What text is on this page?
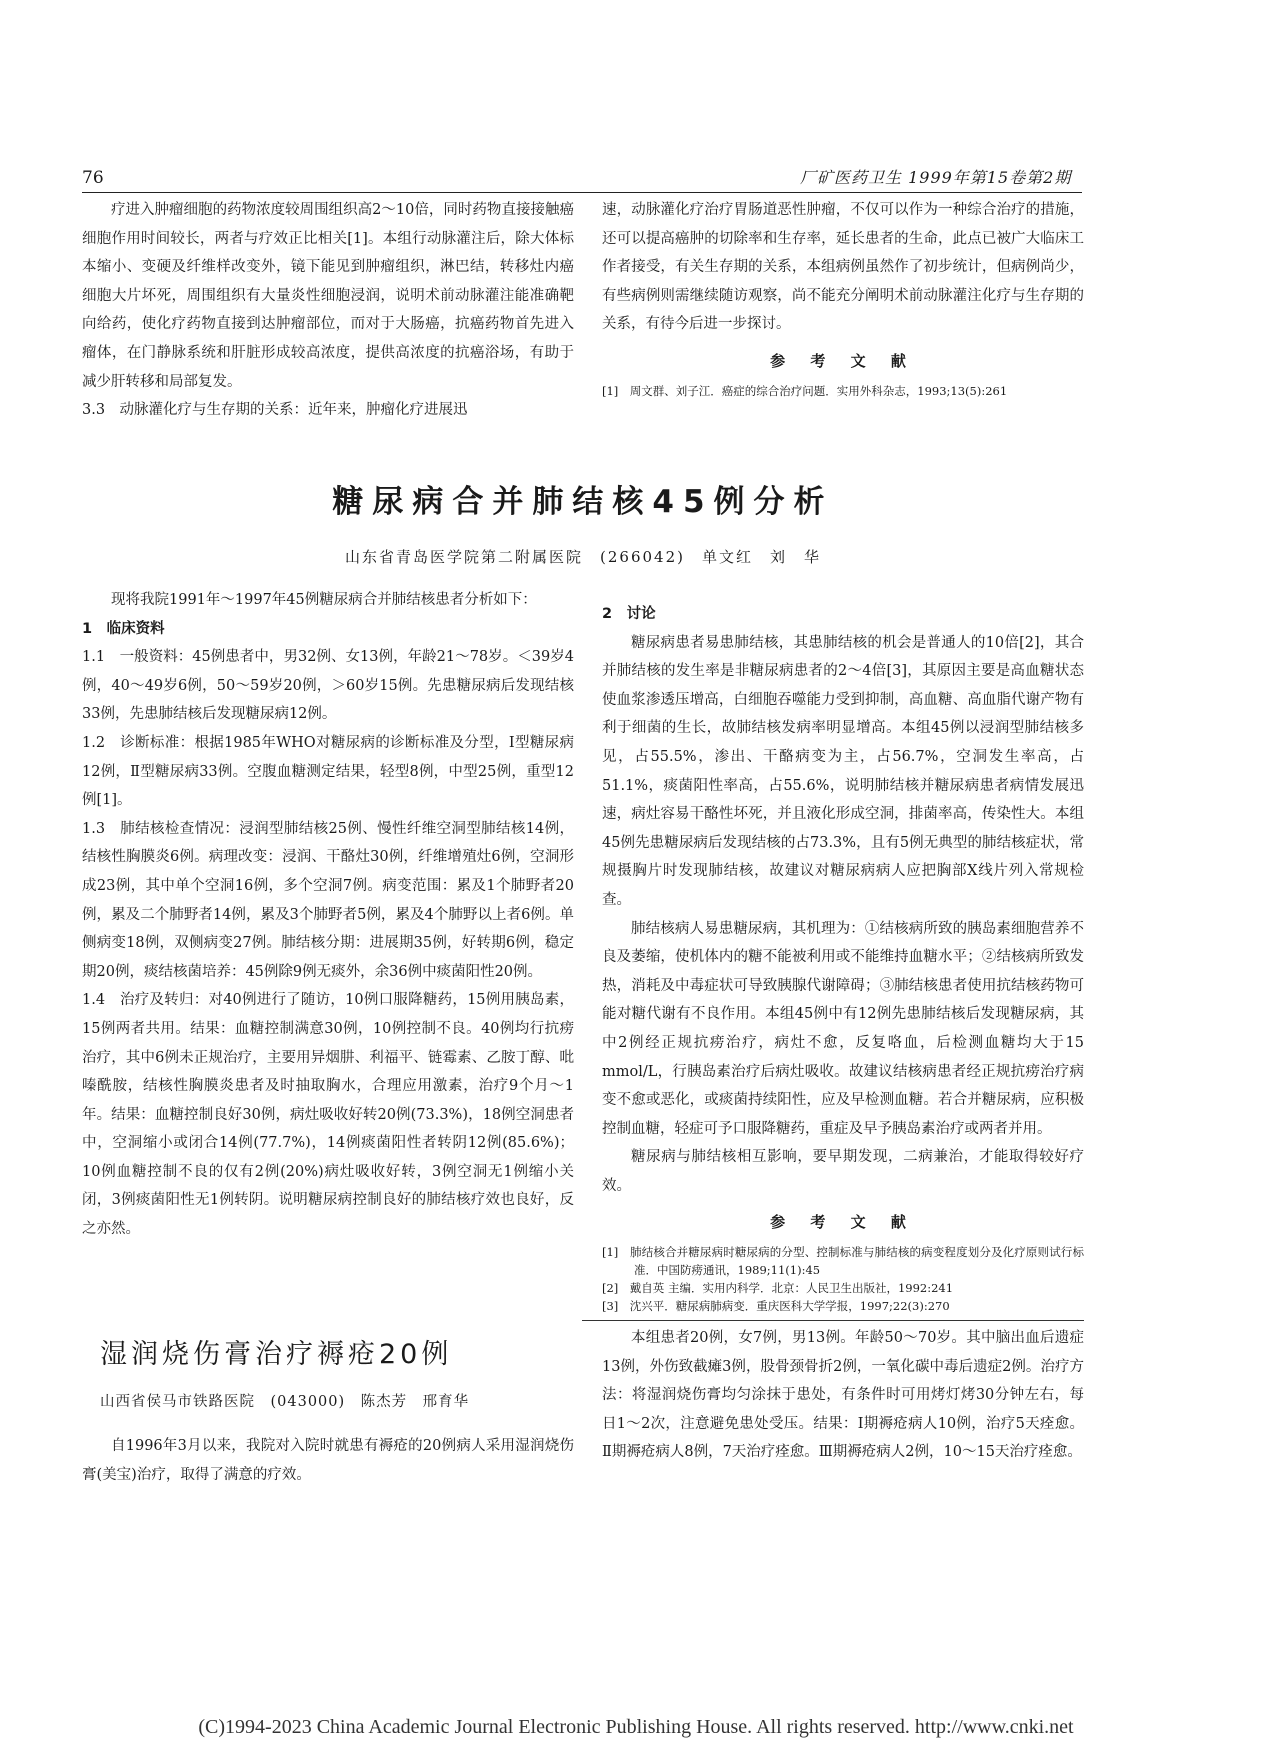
76	厂矿医药卫生 1999年第15卷第2期

疗进入肿瘤细胞的药物浓度较周围组织高2～10倍，同时药物直接接触癌细胞作用时间较长，两者与疗效正比相关[1]。本组行动脉灌注后，除大体标本缩小、变硬及纤维样改变外，镜下能见到肿瘤组织，淋巴结，转移灶内癌细胞大片坏死，周围组织有大量炎性细胞浸润，说明术前动脉灌注能准确靶向给药，使化疗药物直接到达肿瘤部位，而对于大肠癌，抗癌药物首先进入瘤体，在门静脉系统和肝脏形成较高浓度，提供高浓度的抗癌浴场，有助于减少肝转移和局部复发。

3.3　动脉灌化疗与生存期的关系：近年来，肿瘤化疗进展迅

速，动脉灌化疗治疗胃肠道恶性肿瘤，不仅可以作为一种综合治疗的措施，还可以提高癌肿的切除率和生存率，延长患者的生命，此点已被广大临床工作者接受，有关生存期的关系，本组病例虽然作了初步统计，但病例尚少，有些病例则需继续随访观察，尚不能充分阐明术前动脉灌注化疗与生存期的关系，有待今后进一步探讨。

参 考 文 献
[1]　周文群、刘子江．癌症的综合治疗问题．实用外科杂志，1993;13(5):261
糖尿病合并肺结核45例分析
山东省青岛医学院第二附属医院　(266042)　单文红　刘　华

现将我院1991年～1997年45例糖尿病合并肺结核患者分析如下：

1　临床资料

1.1　一般资料：45例患者中，男32例、女13例，年龄21～78岁。＜39岁4例，40～49岁6例，50～59岁20例，＞60岁15例。先患糖尿病后发现结核33例，先患肺结核后发现糖尿病12例。

1.2　诊断标准：根据1985年WHO对糖尿病的诊断标准及分型，Ⅰ型糖尿病12例，Ⅱ型糖尿病33例。空腹血糖测定结果，轻型8例，中型25例，重型12例[1]。

1.3　肺结核检查情况：浸润型肺结核25例、慢性纤维空洞型肺结核14例，结核性胸膜炎6例。病理改变：浸润、干酪灶30例，纤维增殖灶6例，空洞形成23例，其中单个空洞16例，多个空洞7例。病变范围：累及1个肺野者20例，累及二个肺野者14例，累及3个肺野者5例，累及4个肺野以上者6例。单侧病变18例，双侧病变27例。肺结核分期：进展期35例，好转期6例，稳定期20例，痰结核菌培养：45例除9例无痰外，余36例中痰菌阳性20例。

1.4　治疗及转归：对40例进行了随访，10例口服降糖药，15例用胰岛素，15例两者共用。结果：血糖控制满意30例，10例控制不良。40例均行抗痨治疗，其中6例未正规治疗，主要用异烟肼、利福平、链霉素、乙胺丁醇、吡嗪酰胺，结核性胸膜炎患者及时抽取胸水，合理应用激素，治疗9个月～1年。结果：血糖控制良好30例，病灶吸收好转20例(73.3%)，18例空洞患者中，空洞缩小或闭合14例(77.7%)，14例痰菌阳性者转阴12例(85.6%)；10例血糖控制不良的仅有2例(20%)病灶吸收好转，3例空洞无1例缩小关闭，3例痰菌阳性无1例转阴。说明糖尿病控制良好的肺结核疗效也良好，反之亦然。

2　讨论

糖尿病患者易患肺结核，其患肺结核的机会是普通人的10倍[2]，其合并肺结核的发生率是非糖尿病患者的2～4倍[3]，其原因主要是高血糖状态使血浆渗透压增高，白细胞吞噬能力受到抑制，高血糖、高血脂代谢产物有利于细菌的生长，故肺结核发病率明显增高。本组45例以浸润型肺结核多见，占55.5%，渗出、干酪病变为主，占56.7%，空洞发生率高，占51.1%，痰菌阳性率高，占55.6%，说明肺结核并糖尿病患者病情发展迅速，病灶容易干酪性坏死，并且液化形成空洞，排菌率高，传染性大。本组45例先患糖尿病后发现结核的占73.3%，且有5例无典型的肺结核症状，常规摄胸片时发现肺结核，故建议对糖尿病病人应把胸部X线片列入常规检查。

肺结核病人易患糖尿病，其机理为：①结核病所致的胰岛素细胞营养不良及萎缩，使机体内的糖不能被利用或不能维持血糖水平；②结核病所致发热，消耗及中毒症状可导致胰腺代谢障碍；③肺结核患者使用抗结核药物可能对糖代谢有不良作用。本组45例中有12例先患肺结核后发现糖尿病，其中2例经正规抗痨治疗，病灶不愈，反复咯血，后检测血糖均大于15 mmol/L，行胰岛素治疗后病灶吸收。故建议结核病患者经正规抗痨治疗病变不愈或恶化，或痰菌持续阳性，应及早检测血糖。若合并糖尿病，应积极控制血糖，轻症可予口服降糖药，重症及早予胰岛素治疗或两者并用。

糖尿病与肺结核相互影响，要早期发现，二病兼治，才能取得较好疗效。

参 考 文 献
[1]　肺结核合并糖尿病时糖尿病的分型、控制标准与肺结核的病变程度划分及化疗原则试行标准．中国防痨通讯，1989;11(1):45
[2]　戴自英 主编．实用内科学．北京：人民卫生出版社，1992:241
[3]　沈兴平．糖尿病肺病变．重庆医科大学学报，1997;22(3):270
湿润烧伤膏治疗褥疮20例
山西省侯马市铁路医院　(043000)　陈杰芳　邢育华

自1996年3月以来，我院对入院时就患有褥疮的20例病人采用湿润烧伤膏(美宝)治疗，取得了满意的疗效。

本组患者20例，女7例，男13例。年龄50～70岁。其中脑出血后遗症13例，外伤致截瘫3例，股骨颈骨折2例，一氧化碳中毒后遗症2例。治疗方法：将湿润烧伤膏均匀涂抹于患处，有条件时可用烤灯烤30分钟左右，每日1～2次，注意避免患处受压。结果：Ⅰ期褥疮病人10例，治疗5天痊愈。Ⅱ期褥疮病人8例，7天治疗痊愈。Ⅲ期褥疮病人2例，10～15天治疗痊愈。

(C)1994-2023 China Academic Journal Electronic Publishing House. All rights reserved. http://www.cnki.net
